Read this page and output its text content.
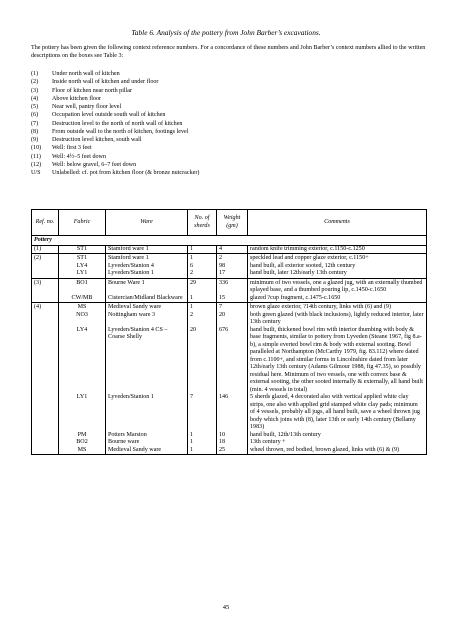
Table 6. Analysis of the pottery from John Barber’s excavations.
The pottery has been given the following context reference numbers. For a concordance of these numbers and John Barber’s context numbers allied to the written descriptions on the boxes see Table 3:
(1)	Under north wall of kitchen
(2)	Inside north wall of kitchen and under floor
(3)	Floor of kitchen near north pillar
(4)	Above kitchen floor
(5)	Near well, pantry floor level
(6)	Occupation level outside south wall of kitchen
(7)	Destruction level to the north of north wall of kitchen
(8)	From outside wall to the north of kitchen, footings level
(9)	Destruction level kitchen, south wall
(10)	Well: first 3 feet
(11)	Well: 4½–5 feet down
(12)	Well: below gravel, 6–7 feet down
U/S	Unlabelled: cf. pot from kitchen floor (& bronze nutcracker)
Ref. no.	Fabric	Ware	No. of sherds	Weight (gm)	Comments
Pottery					
(1)	ST1	Stamford ware 1	1	4	random knife trimming exterior, c.1150-c.1250
(2)	ST1	Stamford ware 1	1	2	speckled lead and copper glaze exterior, c.1150+
	LY4	Lyveden/Stanion 4	6	98	hand built, all exterior sooted, 12th century
	LY1	Lyveden/Stanion 1	2	17	hand built, later 12th/early 13th century
(3)	BO1	Bourne Ware 1	29	336	minimum of two vessels, one a glazed jug, with an externally thumbed splayed base, and a thumbed pouring lip, c.1450-c.1650
	CW/MB	Cistercian/Midland Blackware	1	15	glazed ?cup fragment, c.1475-c.1650
(4)	MS	Medieval Sandy ware	1	7	brown glaze exterior, ?14th century, links with (6) and (9)
	NO3	Nottingham ware 3	2	20	both green glazed (with black inclusions), lightly reduced interior, later 13th century
	LY4	Lyveden/Stanion 4 CS – Coarse Shelly	20	676	hand built, thickened bowl rim with interior thumbing with body & base fragments, similar to pottery from Lyveden (Steane 1967, fig 8.a-b), a simple everted bowl rim & body with external sooting. Bowl paralleled at Northampton (McCarthy 1979, fig. 83.112) where dated from c.1100+, and similar forms in Lincolnshire dated from later 12th/early 13th century (Adams Gilmour 1988, fig 47.35), so possibly residual here. Minimum of two vessels, one with convex base & external sooting, the other sooted internally & externally, all hand built (min. 4 vessels in total)
	LY1	Lyveden/Stanion 1	7	146	5 sherds glazed, 4 decorated also with vertical applied white clay strips, one also with applied grid stamped white clay pads; minimum of 4 vessels, probably all jugs, all hand built, save a wheel thrown jug body which joins with (8), later 13th or early 14th century (Bellamy 1983)
	PM	Potters Marston	1	10	hand built, 12th/13th century
	BO2	Bourne ware	1	18	13th century +
	MS	Medieval Sandy ware	1	25	wheel thrown, red bodied, brown glazed, links with (6) & (9)
45
